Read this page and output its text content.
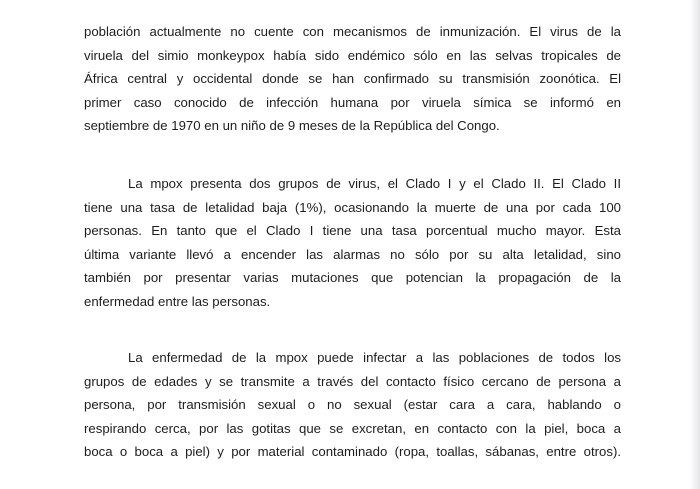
población actualmente no cuente con mecanismos de inmunización. El virus de la
viruela del simio monkeypox había sido endémico sólo en las selvas tropicales de
África central y occidental donde se han confirmado su transmisión zoonótica. El
primer caso conocido de infección humana por viruela símica se informó en
septiembre de 1970 en un niño de 9 meses de la República del Congo.

La mpox presenta dos grupos de virus, el Clado I y el Clado II. El Clado II
tiene una tasa de letalidad baja (1%), ocasionando la muerte de una por cada 100
personas. En tanto que el Clado I tiene una tasa porcentual mucho mayor. Esta
última variante llevó a encender las alarmas no sólo por su alta letalidad, sino
también por presentar varias mutaciones que potencian la propagación de la
enfermedad entre las personas.

La enfermedad de la mpox puede infectar a las poblaciones de todos los
grupos de edades y se transmite a través del contacto físico cercano de persona a
persona, por transmisión sexual o no sexual (estar cara a cara, hablando o
respirando cerca, por las gotitas que se excretan, en contacto con la piel, boca a
boca o boca a piel) y por material contaminado (ropa, toallas, sábanas, entre otros).
